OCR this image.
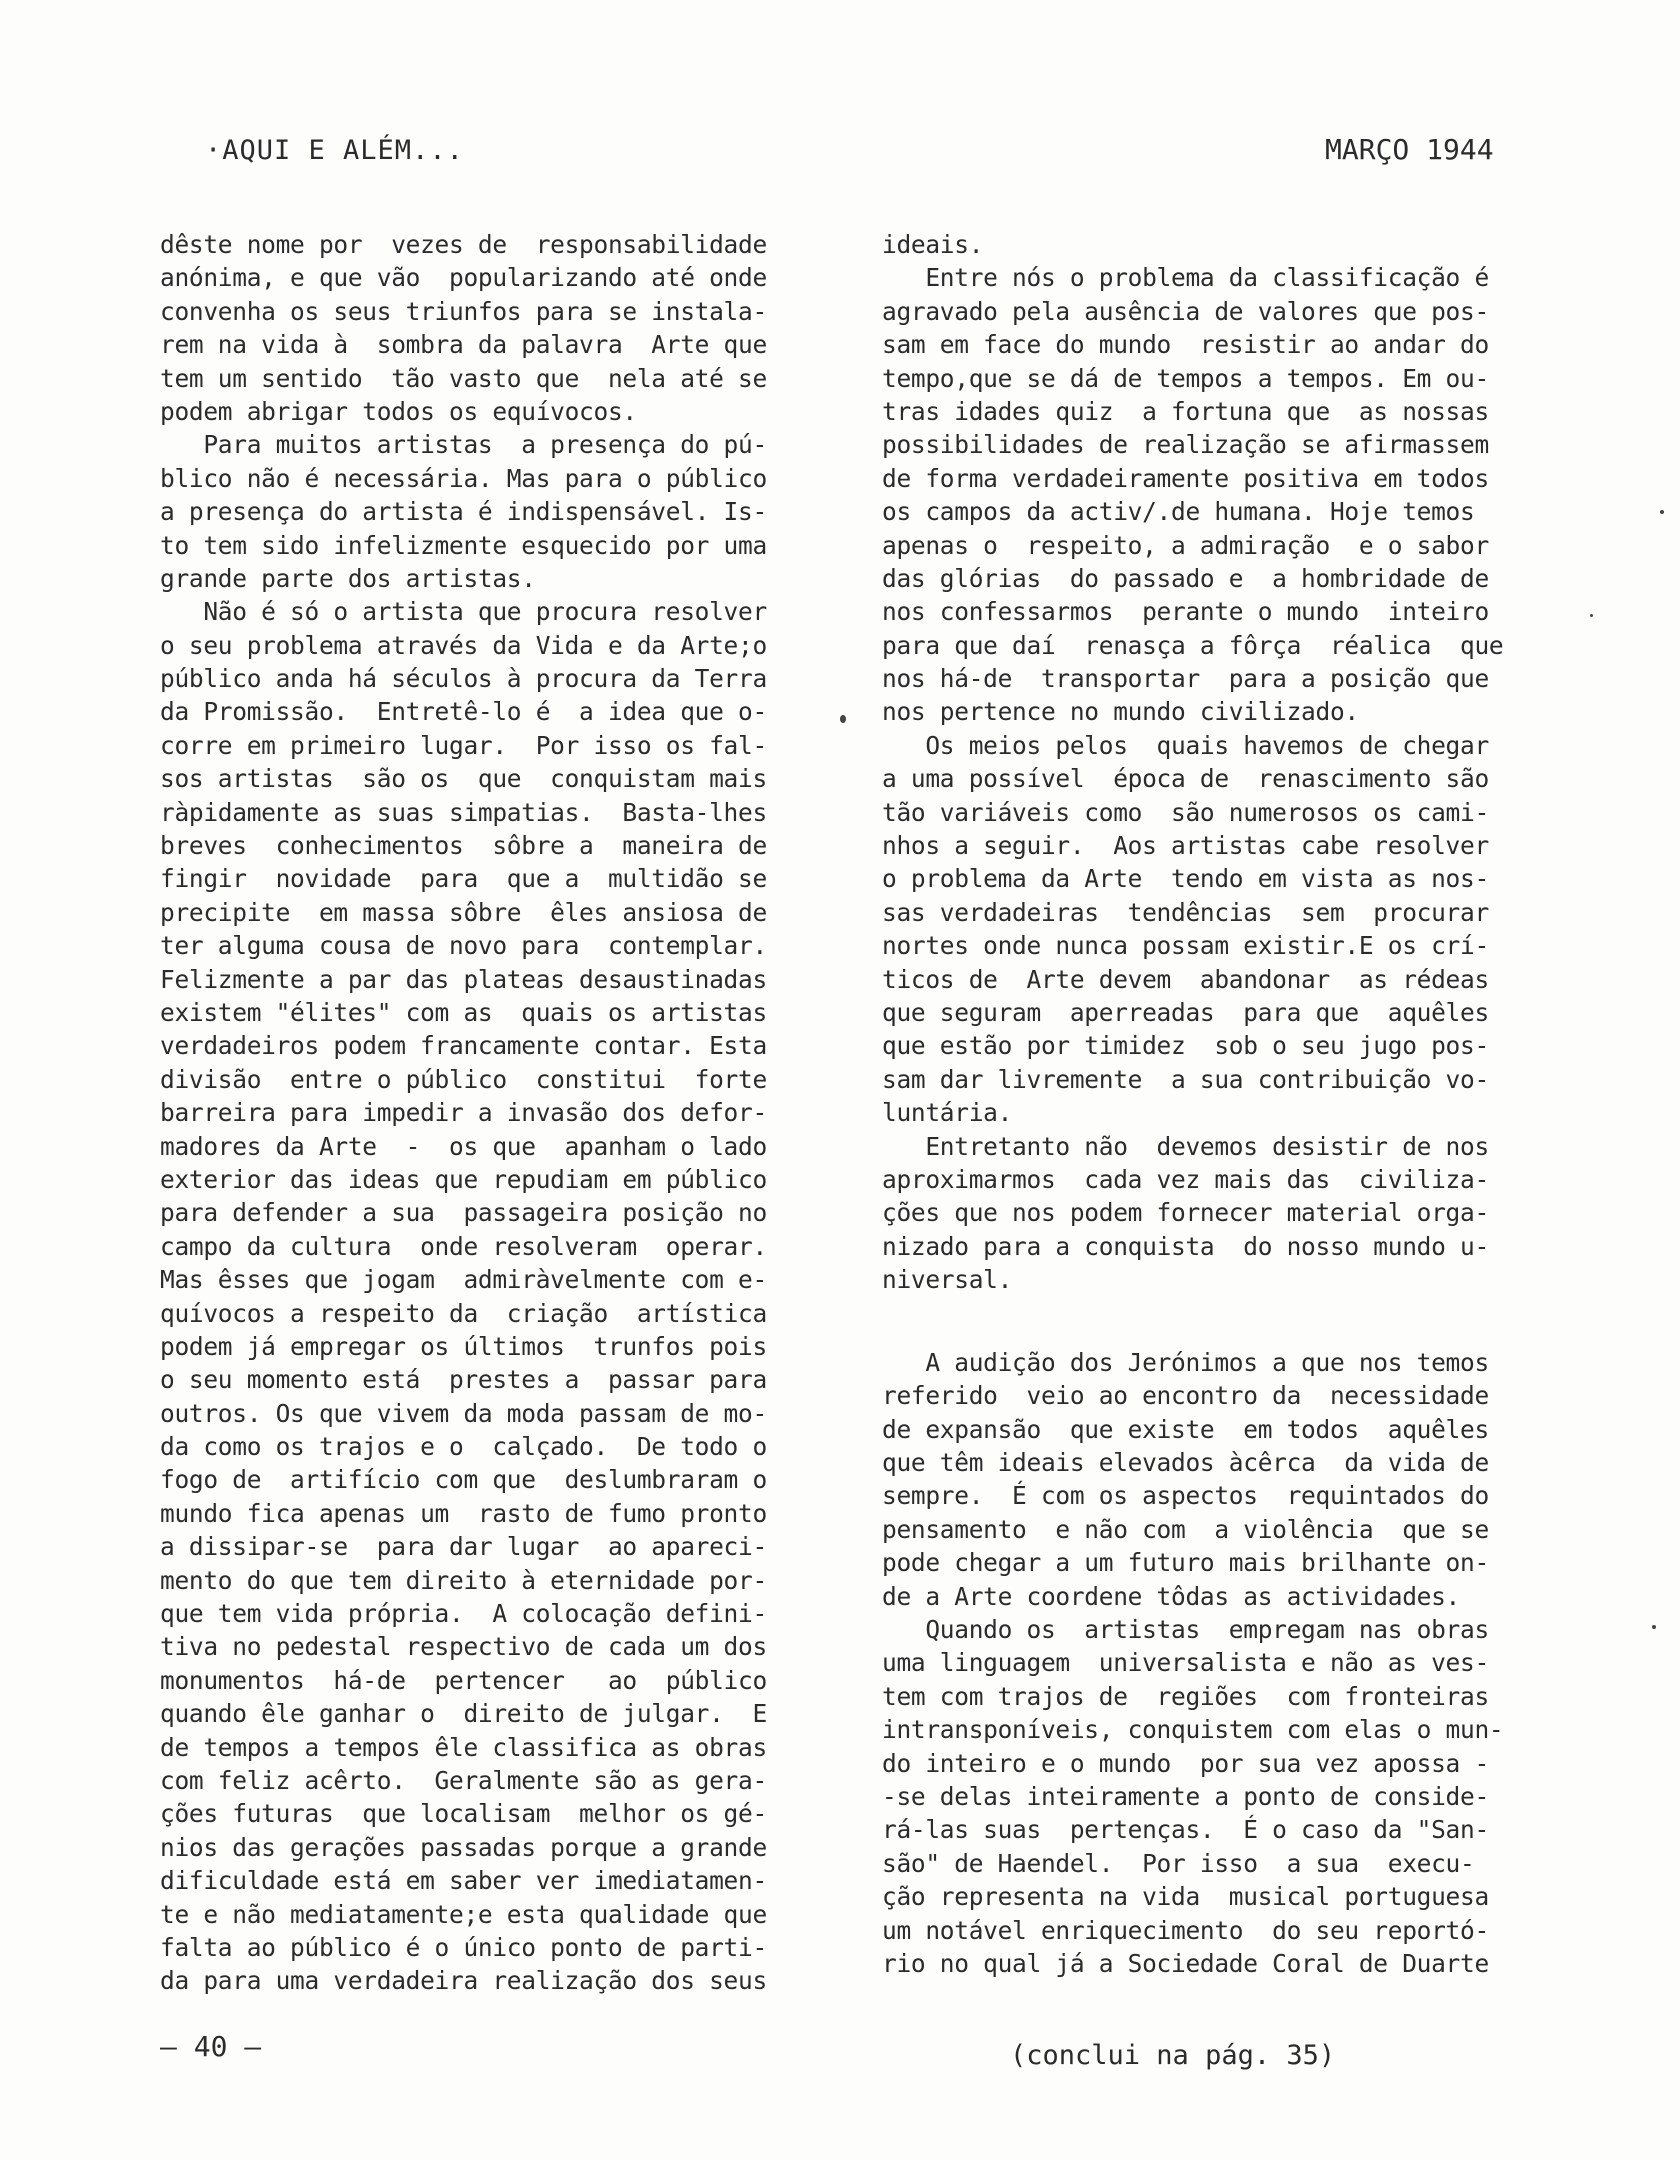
·AQUI E ALÉM...	MARÇO 1944
dêste nome por  vezes de  responsabilidade
anónima, e que vão  popularizando até onde
convenha os seus triunfos para se instala-
rem na vida à  sombra da palavra  Arte que
tem um sentido  tão vasto que  nela até se
podem abrigar todos os equívocos.
Para muitos artistas  a presença do pú-
blico não é necessária. Mas para o público
a presença do artista é indispensável. Is-
to tem sido infelizmente esquecido por uma
grande parte dos artistas.
Não é só o artista que procura resolver
o seu problema através da Vida e da Arte;o
público anda há séculos à procura da Terra
da Promissão.  Entretê-lo é  a idea que o-
corre em primeiro lugar.  Por isso os fal-
sos artistas  são os  que  conquistam mais
ràpidamente as suas simpatias.  Basta-lhes
breves  conhecimentos  sôbre a  maneira de
fingir  novidade  para  que a  multidão se
precipite  em massa sôbre  êles ansiosa de
ter alguma cousa de novo para  contemplar.
Felizmente a par das plateas desaustinadas
existem "élites" com as  quais os artistas
verdadeiros podem francamente contar. Esta
divisão  entre o público  constitui  forte
barreira para impedir a invasão dos defor-
madores da Arte  -  os que  apanham o lado
exterior das ideas que repudiam em público
para defender a sua  passageira posição no
campo da cultura  onde resolveram  operar.
Mas êsses que jogam  admiràvelmente com e-
quívocos a respeito da  criação  artística
podem já empregar os últimos  trunfos pois
o seu momento está  prestes a  passar para
outros. Os que vivem da moda passam de mo-
da como os trajos e o  calçado.  De todo o
fogo de  artifício com que  deslumbraram o
mundo fica apenas um  rasto de fumo pronto
a dissipar-se  para dar lugar  ao apareci-
mento do que tem direito à eternidade por-
que tem vida própria.  A colocação defini-
tiva no pedestal respectivo de cada um dos
monumentos  há-de  pertencer   ao  público
quando êle ganhar o  direito de julgar.  E
de tempos a tempos êle classifica as obras
com feliz acêrto.  Geralmente são as gera-
ções futuras  que localisam  melhor os gé-
nios das gerações passadas porque a grande
dificuldade está em saber ver imediatamen-
te e não mediatamente;e esta qualidade que
falta ao público é o único ponto de parti-
da para uma verdadeira realização dos seus
ideais.
Entre nós o problema da classificação é
agravado pela ausência de valores que pos-
sam em face do mundo  resistir ao andar do
tempo,que se dá de tempos a tempos. Em ou-
tras idades quiz  a fortuna que  as nossas
possibilidades de realização se afirmassem
de forma verdadeiramente positiva em todos
os campos da activ/.de humana. Hoje temos
apenas o  respeito, a admiração  e o sabor
das glórias  do passado e  a hombridade de
nos confessarmos  perante o mundo  inteiro
para que daí  renasça a fôrça  réalica  que
nos há-de  transportar  para a posição que
nos pertence no mundo civilizado.
Os meios pelos  quais havemos de chegar
a uma possível  época de  renascimento são
tão variáveis como  são numerosos os cami-
nhos a seguir.  Aos artistas cabe resolver
o problema da Arte  tendo em vista as nos-
sas verdadeiras  tendências  sem  procurar
nortes onde nunca possam existir.E os crí-
ticos de  Arte devem  abandonar  as rédeas
que seguram  aperreadas  para que  aquêles
que estão por timidez  sob o seu jugo pos-
sam dar livremente  a sua contribuição vo-
luntária.
Entretanto não  devemos desistir de nos
aproximarmos  cada vez mais das  civiliza-
ções que nos podem fornecer material orga-
nizado para a conquista  do nosso mundo u-
niversal.
A audição dos Jerónimos a que nos temos
referido  veio ao encontro da  necessidade
de expansão  que existe  em todos  aquêles
que têm ideais elevados àcêrca  da vida de
sempre.  É com os aspectos  requintados do
pensamento  e não com  a violência  que se
pode chegar a um futuro mais brilhante on-
de a Arte coordene tôdas as actividades.
Quando os  artistas  empregam nas obras
uma linguagem  universalista e não as ves-
tem com trajos de  regiões  com fronteiras
intransponíveis, conquistem com elas o mun-
do inteiro e o mundo  por sua vez apossa -
-se delas inteiramente a ponto de conside-
rá-las suas  pertenças.  É o caso da "San-
são" de Haendel.  Por isso  a sua  execu-
ção representa na vida  musical portuguesa
um notável enriquecimento  do seu reportó-
rio no qual já a Sociedade Coral de Duarte
(conclui na pág. 35)
— 40 —
